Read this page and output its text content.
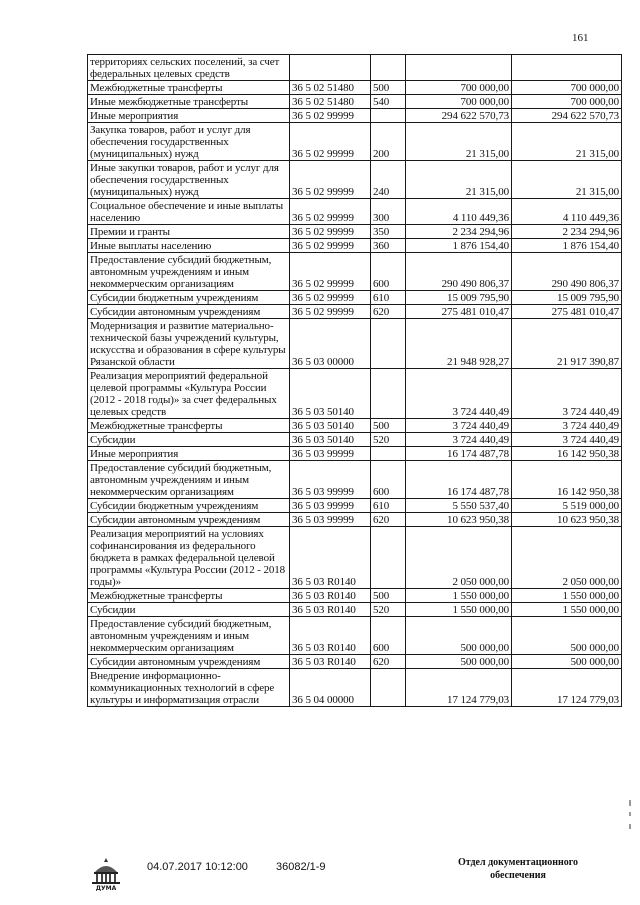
161
территориях сельских поселений, за счет федеральных целевых средств				
Межбюджетные трансферты	36 5 02 51480	500	700 000,00	700 000,00
Иные межбюджетные трансферты	36 5 02 51480	540	700 000,00	700 000,00
Иные мероприятия	36 5 02 99999		294 622 570,73	294 622 570,73
Закупка товаров, работ и услуг для обеспечения государственных (муниципальных) нужд	36 5 02 99999	200	21 315,00	21 315,00
Иные закупки товаров, работ и услуг для обеспечения государственных (муниципальных) нужд	36 5 02 99999	240	21 315,00	21 315,00
Социальное обеспечение и иные выплаты населению	36 5 02 99999	300	4 110 449,36	4 110 449,36
Премии и гранты	36 5 02 99999	350	2 234 294,96	2 234 294,96
Иные выплаты населению	36 5 02 99999	360	1 876 154,40	1 876 154,40
Предоставление субсидий бюджетным, автономным учреждениям и иным некоммерческим организациям	36 5 02 99999	600	290 490 806,37	290 490 806,37
Субсидии бюджетным учреждениям	36 5 02 99999	610	15 009 795,90	15 009 795,90
Субсидии автономным учреждениям	36 5 02 99999	620	275 481 010,47	275 481 010,47
Модернизация и развитие материально-технической базы учреждений культуры, искусства и образования в сфере культуры Рязанской области	36 5 03 00000		21 948 928,27	21 917 390,87
Реализация мероприятий федеральной целевой программы «Культура России (2012 - 2018 годы)» за счет федеральных целевых средств	36 5 03 50140		3 724 440,49	3 724 440,49
Межбюджетные трансферты	36 5 03 50140	500	3 724 440,49	3 724 440,49
Субсидии	36 5 03 50140	520	3 724 440,49	3 724 440,49
Иные мероприятия	36 5 03 99999		16 174 487,78	16 142 950,38
Предоставление субсидий бюджетным, автономным учреждениям и иным некоммерческим организациям	36 5 03 99999	600	16 174 487,78	16 142 950,38
Субсидии бюджетным учреждениям	36 5 03 99999	610	5 550 537,40	5 519 000,00
Субсидии автономным учреждениям	36 5 03 99999	620	10 623 950,38	10 623 950,38
Реализация мероприятий на условиях софинансирования из федерального бюджета в рамках федеральной целевой программы «Культура России (2012 - 2018 годы)»	36 5 03 R0140		2 050 000,00	2 050 000,00
Межбюджетные трансферты	36 5 03 R0140	500	1 550 000,00	1 550 000,00
Субсидии	36 5 03 R0140	520	1 550 000,00	1 550 000,00
Предоставление субсидий бюджетным, автономным учреждениям и иным некоммерческим организациям	36 5 03 R0140	600	500 000,00	500 000,00
Субсидии автономным учреждениям	36 5 03 R0140	620	500 000,00	500 000,00
Внедрение информационно-коммуникационных технологий в сфере культуры и информатизация отрасли	36 5 04 00000		17 124 779,03	17 124 779,03
ДУМА
04.07.2017 10:12:00	36082/1-9	Отдел документационного обеспечения
